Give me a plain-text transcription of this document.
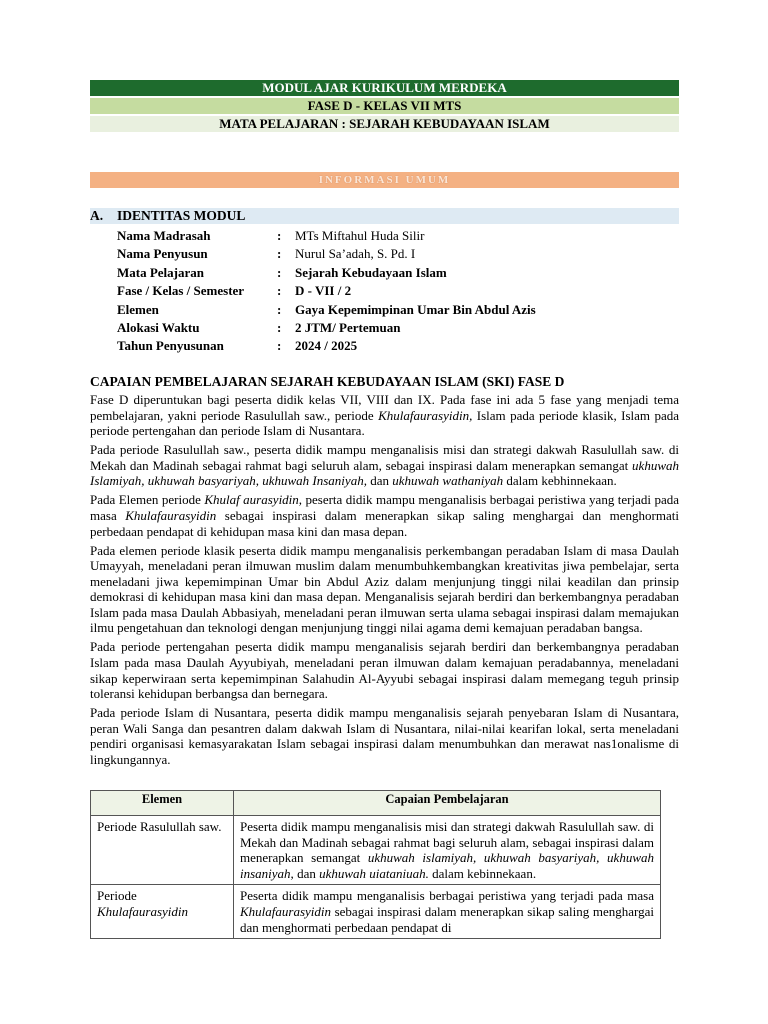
MODUL AJAR KURIKULUM MERDEKA
FASE D - KELAS VII MTS
MATA PELAJARAN : SEJARAH KEBUDAYAAN ISLAM
INFORMASI UMUM
A. IDENTITAS MODUL
Nama Madrasah	:	MTs Miftahul Huda Silir
Nama Penyusun	:	Nurul Sa’adah, S. Pd. I
Mata Pelajaran	:	Sejarah Kebudayaan Islam
Fase / Kelas / Semester	:	D - VII / 2
Elemen	:	Gaya Kepemimpinan Umar Bin Abdul Azis
Alokasi Waktu	:	2 JTM/ Pertemuan
Tahun Penyusunan	:	2024 / 2025
CAPAIAN PEMBELAJARAN SEJARAH KEBUDAYAAN ISLAM (SKI) FASE D

Fase D diperuntukan bagi peserta didik kelas VII, VIII dan IX. Pada fase ini ada 5 fase yang menjadi tema pembelajaran, yakni periode Rasulullah saw., periode Khulafaurasyidin, Islam pada periode klasik, Islam pada periode pertengahan dan periode Islam di Nusantara.

Pada periode Rasulullah saw., peserta didik mampu menganalisis misi dan strategi dakwah Rasulullah saw. di Mekah dan Madinah sebagai rahmat bagi seluruh alam, sebagai inspirasi dalam menerapkan semangat ukhuwah Islamiyah, ukhuwah basyariyah, ukhuwah Insaniyah, dan ukhuwah wathaniyah dalam kebhinnekaan.

Pada Elemen periode Khulaf aurasyidin, peserta didik mampu menganalisis berbagai peristiwa yang terjadi pada masa Khulafaurasyidin sebagai inspirasi dalam menerapkan sikap saling menghargai dan menghormati perbedaan pendapat di kehidupan masa kini dan masa depan.

Pada elemen periode klasik peserta didik mampu menganalisis perkembangan peradaban Islam di masa Daulah Umayyah, meneladani peran ilmuwan muslim dalam menumbuhkembangkan kreativitas jiwa pembelajar, serta meneladani jiwa kepemimpinan Umar bin Abdul Aziz dalam menjunjung tinggi nilai keadilan dan prinsip demokrasi di kehidupan masa kini dan masa depan. Menganalisis sejarah berdiri dan berkembangnya peradaban Islam pada masa Daulah Abbasiyah, meneladani peran ilmuwan serta ulama sebagai inspirasi dalam memajukan ilmu pengetahuan dan teknologi dengan menjunjung tinggi nilai agama demi kemajuan peradaban bangsa.

Pada periode pertengahan peserta didik mampu menganalisis sejarah berdiri dan berkembangnya peradaban Islam pada masa Daulah Ayyubiyah, meneladani peran ilmuwan dalam kemajuan peradabannya, meneladani sikap keperwiraan serta kepemimpinan Salahudin Al-Ayyubi sebagai inspirasi dalam memegang teguh prinsip toleransi kehidupan berbangsa dan bernegara.

Pada periode Islam di Nusantara, peserta didik mampu menganalisis sejarah penyebaran Islam di Nusantara, peran Wali Sanga dan pesantren dalam dakwah Islam di Nusantara, nilai-nilai kearifan lokal, serta meneladani pendiri organisasi kemasyarakatan Islam sebagai inspirasi dalam menumbuhkan dan merawat nas1onalisme di lingkungannya.

Elemen	Capaian Pembelajaran
Periode Rasulullah saw.	Peserta didik mampu menganalisis misi dan strategi dakwah Rasulullah saw. di Mekah dan Madinah sebagai rahmat bagi seluruh alam, sebagai inspirasi dalam menerapkan semangat ukhuwah islamiyah, ukhuwah basyariyah, ukhuwah insaniyah, dan ukhuwah uiataniuah. dalam kebinnekaan.
Periode
Khulafaurasyidin	Peserta didik mampu menganalisis berbagai peristiwa yang terjadi pada masa Khulafaurasyidin sebagai inspirasi dalam menerapkan sikap saling menghargai dan menghormati perbedaan pendapat di
